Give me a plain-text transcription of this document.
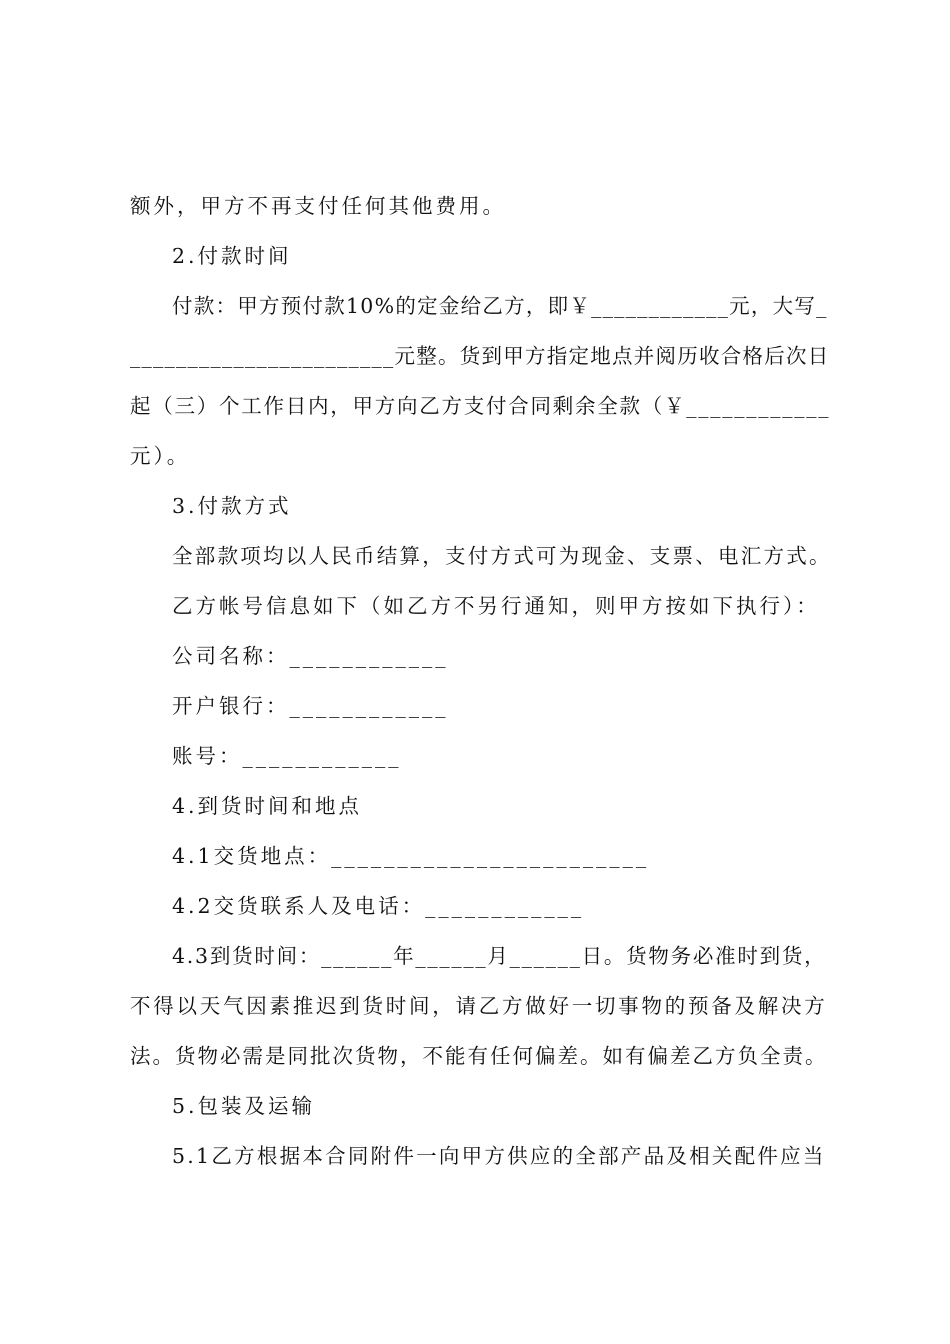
额外，甲方不再支付任何其他费用。
2.付款时间
付款：甲方预付款10%的定金给乙方，即￥____________元，大写_
_______________________元整。货到甲方指定地点并阅历收合格后次日
起（三）个工作日内，甲方向乙方支付合同剩余全款（￥____________
元）。
3.付款方式
全部款项均以人民币结算，支付方式可为现金、支票、电汇方式。
乙方帐号信息如下（如乙方不另行通知，则甲方按如下执行）：
公司名称：____________
开户银行：____________
账号：____________
4.到货时间和地点
4.1交货地点：________________________
4.2交货联系人及电话：____________
4.3到货时间：______年______月______日。货物务必准时到货，
不得以天气因素推迟到货时间，请乙方做好一切事物的预备及解决方
法。货物必需是同批次货物，不能有任何偏差。如有偏差乙方负全责。
5.包装及运输
5.1乙方根据本合同附件一向甲方供应的全部产品及相关配件应当
